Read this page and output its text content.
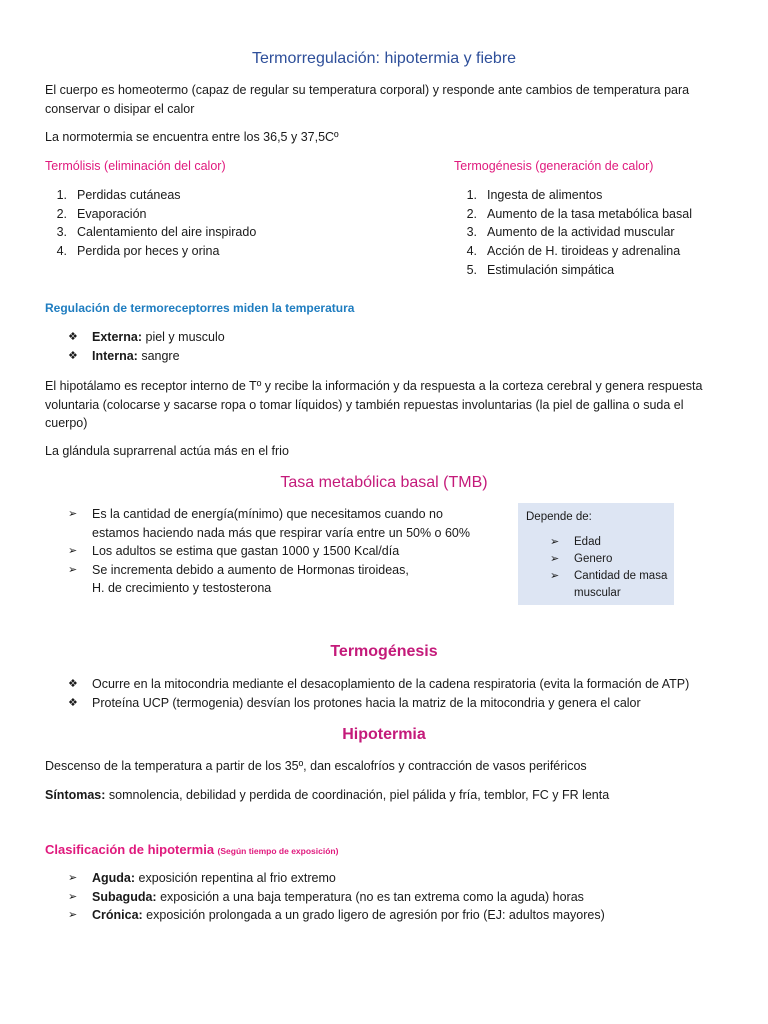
Termorregulación: hipotermia y fiebre

El cuerpo es homeotermo (capaz de regular su temperatura corporal) y responde ante cambios de temperatura para conservar o disipar el calor

La normotermia se encuentra entre los 36,5 y 37,5Cº

Termólisis (eliminación del calor)
1. Perdidas cutáneas
2. Evaporación
3. Calentamiento del aire inspirado
4. Perdida por heces y orina
Termogénesis (generación de calor)
1. Ingesta de alimentos
2. Aumento de la tasa metabólica basal
3. Aumento de la actividad muscular
4. Acción de H. tiroideas y adrenalina
5. Estimulación simpática
Regulación de termoreceptorres miden la temperatura
❖ Externa: piel y musculo
❖ Interna: sangre

El hipotálamo es receptor interno de Tº y recibe la información y da respuesta a la corteza cerebral y genera respuesta voluntaria (colocarse y sacarse ropa o tomar líquidos) y también repuestas involuntarias (la piel de gallina o suda el cuerpo)

La glándula suprarrenal actúa más en el frio

Tasa metabólica basal (TMB)
➢ Es la cantidad de energía(mínimo) que necesitamos cuando no estamos haciendo nada más que respirar varía entre un 50% o 60%
➢ Los adultos se estima que gastan 1000 y 1500 Kcal/día
➢ Se incrementa debido a aumento de Hormonas tiroideas, H. de crecimiento y testosterona
Depende de:
➢ Edad
➢ Genero
➢ Cantidad de masa muscular
Termogénesis
❖ Ocurre en la mitocondria mediante el desacoplamiento de la cadena respiratoria (evita la formación de ATP)
❖ Proteína UCP (termogenia) desvían los protones hacia la matriz de la mitocondria y genera el calor
Hipotermia

Descenso de la temperatura a partir de los 35º, dan escalofríos y contracción de vasos periféricos

Síntomas: somnolencia, debilidad y perdida de coordinación, piel pálida y fría, temblor, FC y FR lenta

Clasificación de hipotermia (Según tiempo de exposición)
➢ Aguda: exposición repentina al frio extremo
➢ Subaguda: exposición a una baja temperatura (no es tan extrema como la aguda) horas
➢ Crónica: exposición prolongada a un grado ligero de agresión por frio (EJ: adultos mayores)
